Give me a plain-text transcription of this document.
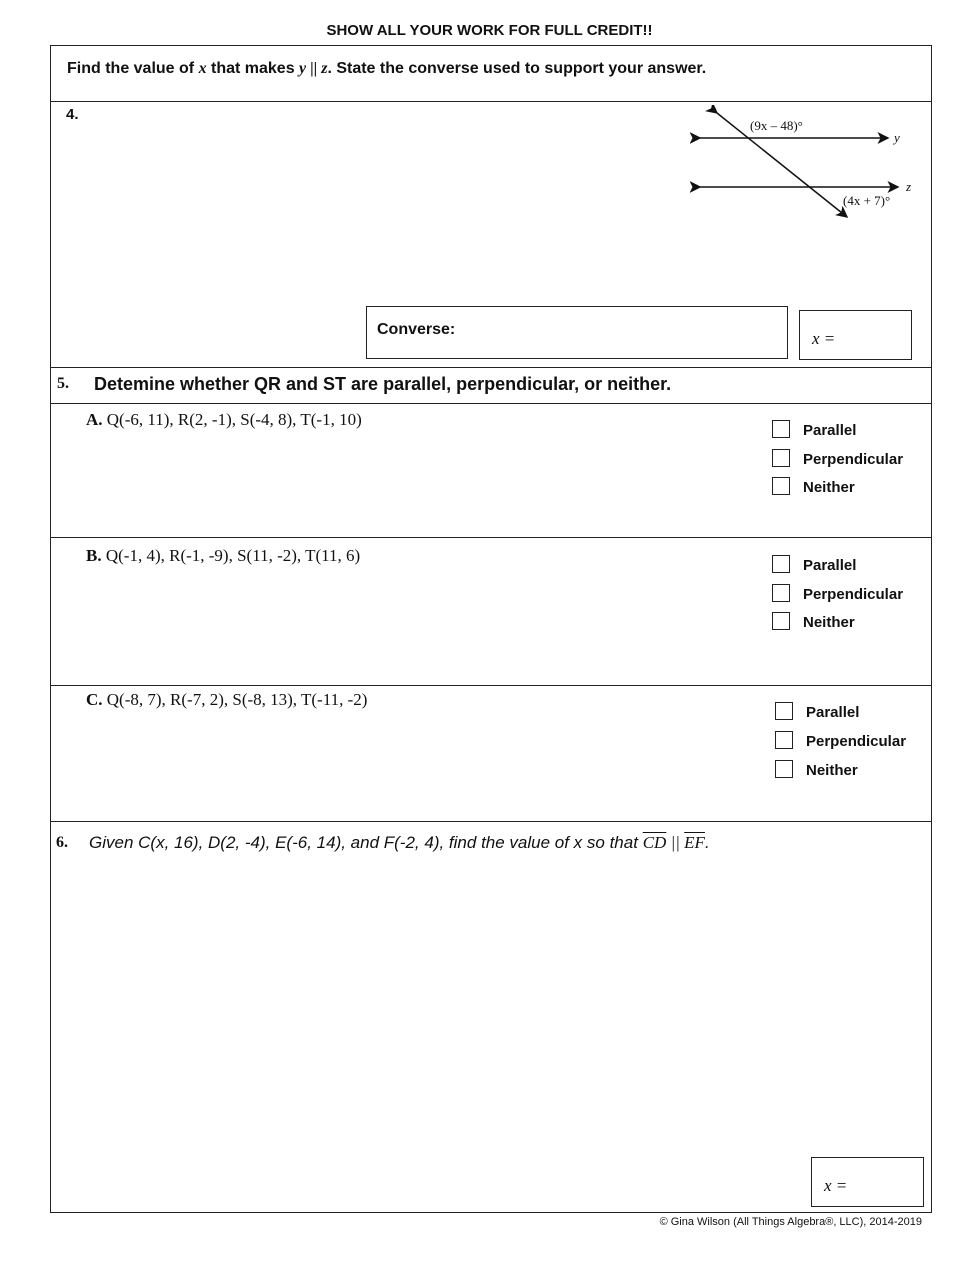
SHOW ALL YOUR WORK FOR FULL CREDIT!!
Find the value of x that makes y || z. State the converse used to support your answer.
4.
(9x – 48)°
(4x + 7)°
y
z
Converse:	x =
5. Detemine whether QR and ST are parallel, perpendicular, or neither.
A. Q(-6, 11), R(2, -1), S(-4, 8), T(-1, 10)
B. Q(-1, 4), R(-1, -9), S(11, -2), T(11, 6)
C. Q(-8, 7), R(-7, 2), S(-8, 13), T(-11, -2)
Parallel
Perpendicular
Neither
Parallel
Perpendicular
Neither
Parallel
Perpendicular
Neither
6. Given C(x, 16), D(2, -4), E(-6, 14), and F(-2, 4), find the value of x so that $\overline{CD}$ || $\overline{EF}$.
x =
© Gina Wilson (All Things Algebra®, LLC), 2014-2019
